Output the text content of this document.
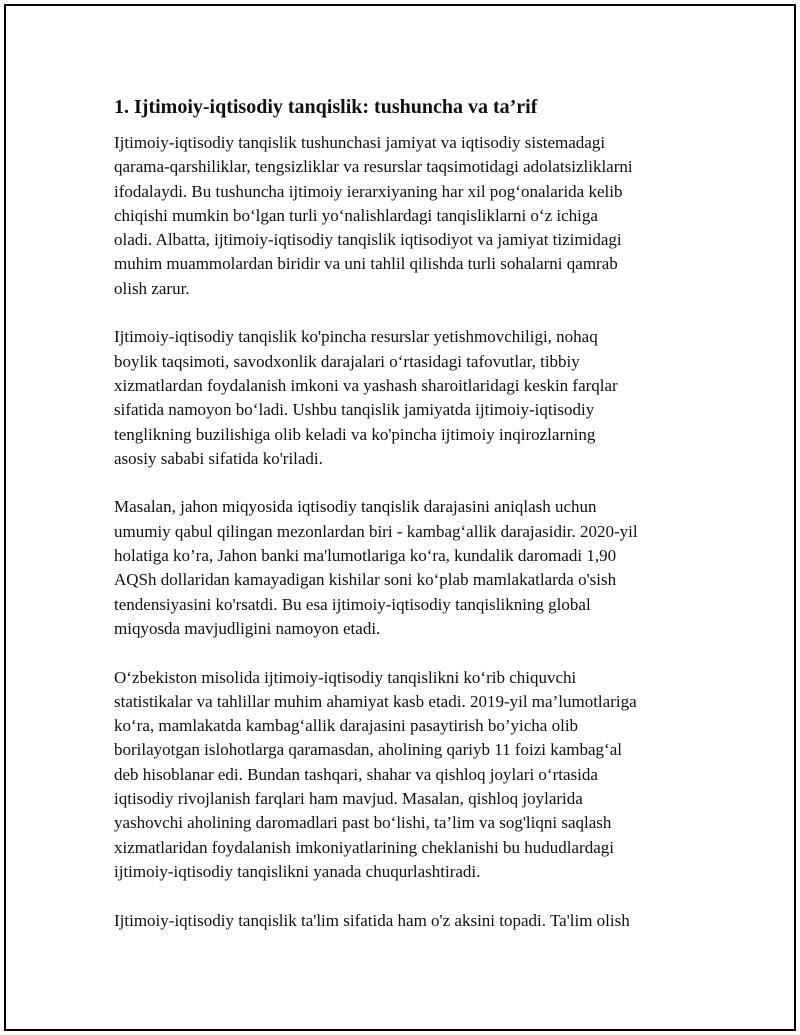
1. Ijtimoiy-iqtisodiy tanqislik: tushuncha va ta’rif

Ijtimoiy-iqtisodiy tanqislik tushunchasi jamiyat va iqtisodiy sistemadagi
qarama-qarshiliklar, tengsizliklar va resurslar taqsimotidagi adolatsizliklarni
ifodalaydi. Bu tushuncha ijtimoiy ierarxiyaning har xil pog‘onalarida kelib
chiqishi mumkin bo‘lgan turli yo‘nalishlardagi tanqisliklarni o‘z ichiga
oladi. Albatta, ijtimoiy-iqtisodiy tanqislik iqtisodiyot va jamiyat tizimidagi
muhim muammolardan biridir va uni tahlil qilishda turli sohalarni qamrab
olish zarur.

Ijtimoiy-iqtisodiy tanqislik ko'pincha resurslar yetishmovchiligi, nohaq
boylik taqsimoti, savodxonlik darajalari o‘rtasidagi tafovutlar, tibbiy
xizmatlardan foydalanish imkoni va yashash sharoitlaridagi keskin farqlar
sifatida namoyon bo‘ladi. Ushbu tanqislik jamiyatda ijtimoiy-iqtisodiy
tenglikning buzilishiga olib keladi va ko'pincha ijtimoiy inqirozlarning
asosiy sababi sifatida ko'riladi.

Masalan, jahon miqyosida iqtisodiy tanqislik darajasini aniqlash uchun
umumiy qabul qilingan mezonlardan biri - kambag‘allik darajasidir. 2020-yil
holatiga ko’ra, Jahon banki ma'lumotlariga ko‘ra, kundalik daromadi 1,90
AQSh dollaridan kamayadigan kishilar soni ko‘plab mamlakatlarda o'sish
tendensiyasini ko'rsatdi. Bu esa ijtimoiy-iqtisodiy tanqislikning global
miqyosda mavjudligini namoyon etadi.

O‘zbekiston misolida ijtimoiy-iqtisodiy tanqislikni ko‘rib chiquvchi
statistikalar va tahlillar muhim ahamiyat kasb etadi. 2019-yil ma’lumotlariga
ko‘ra, mamlakatda kambag‘allik darajasini pasaytirish bo’yicha olib
borilayotgan islohotlarga qaramasdan, aholining qariyb 11 foizi kambag‘al
deb hisoblanar edi. Bundan tashqari, shahar va qishloq joylari o‘rtasida
iqtisodiy rivojlanish farqlari ham mavjud. Masalan, qishloq joylarida
yashovchi aholining daromadlari past bo‘lishi, ta’lim va sog'liqni saqlash
xizmatlaridan foydalanish imkoniyatlarining cheklanishi bu hududlardagi
ijtimoiy-iqtisodiy tanqislikni yanada chuqurlashtiradi.

Ijtimoiy-iqtisodiy tanqislik ta'lim sifatida ham o'z aksini topadi. Ta'lim olish
